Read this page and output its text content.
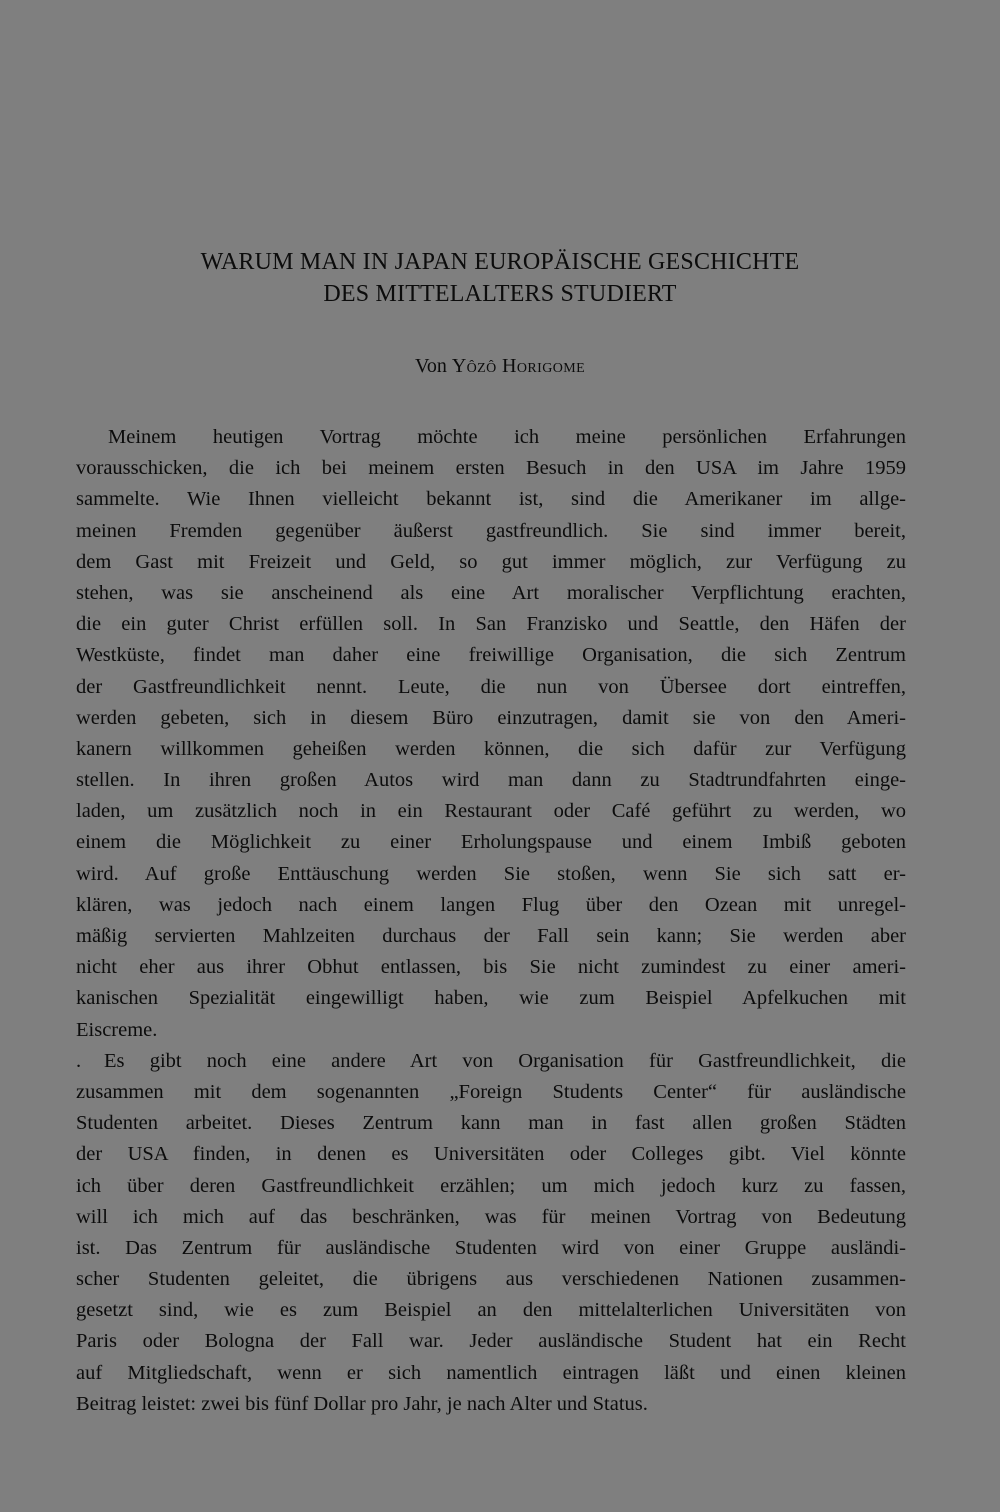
WARUM MAN IN JAPAN EUROPÄISCHE GESCHICHTE
DES MITTELALTERS STUDIERT

Von Yôzô Horigome

Meinem heutigen Vortrag möchte ich meine persönlichen Erfahrungen
vorausschicken, die ich bei meinem ersten Besuch in den USA im Jahre 1959
sammelte. Wie Ihnen vielleicht bekannt ist, sind die Amerikaner im allge-
meinen Fremden gegenüber äußerst gastfreundlich. Sie sind immer bereit,
dem Gast mit Freizeit und Geld, so gut immer möglich, zur Verfügung zu
stehen, was sie anscheinend als eine Art moralischer Verpflichtung erachten,
die ein guter Christ erfüllen soll. In San Franzisko und Seattle, den Häfen der
Westküste, findet man daher eine freiwillige Organisation, die sich Zentrum
der Gastfreundlichkeit nennt. Leute, die nun von Übersee dort eintreffen,
werden gebeten, sich in diesem Büro einzutragen, damit sie von den Ameri-
kanern willkommen geheißen werden können, die sich dafür zur Verfügung
stellen. In ihren großen Autos wird man dann zu Stadtrundfahrten einge-
laden, um zusätzlich noch in ein Restaurant oder Café geführt zu werden, wo
einem die Möglichkeit zu einer Erholungspause und einem Imbiß geboten
wird. Auf große Enttäuschung werden Sie stoßen, wenn Sie sich satt er-
klären, was jedoch nach einem langen Flug über den Ozean mit unregel-
mäßig servierten Mahlzeiten durchaus der Fall sein kann; Sie werden aber
nicht eher aus ihrer Obhut entlassen, bis Sie nicht zumindest zu einer ameri-
kanischen Spezialität eingewilligt haben, wie zum Beispiel Apfelkuchen mit
Eiscreme.

. Es gibt noch eine andere Art von Organisation für Gastfreundlichkeit, die
zusammen mit dem sogenannten „Foreign Students Center“ für ausländische
Studenten arbeitet. Dieses Zentrum kann man in fast allen großen Städten
der USA finden, in denen es Universitäten oder Colleges gibt. Viel könnte
ich über deren Gastfreundlichkeit erzählen; um mich jedoch kurz zu fassen,
will ich mich auf das beschränken, was für meinen Vortrag von Bedeutung
ist. Das Zentrum für ausländische Studenten wird von einer Gruppe ausländi-
scher Studenten geleitet, die übrigens aus verschiedenen Nationen zusammen-
gesetzt sind, wie es zum Beispiel an den mittelalterlichen Universitäten von
Paris oder Bologna der Fall war. Jeder ausländische Student hat ein Recht
auf Mitgliedschaft, wenn er sich namentlich eintragen läßt und einen kleinen
Beitrag leistet: zwei bis fünf Dollar pro Jahr, je nach Alter und Status.
